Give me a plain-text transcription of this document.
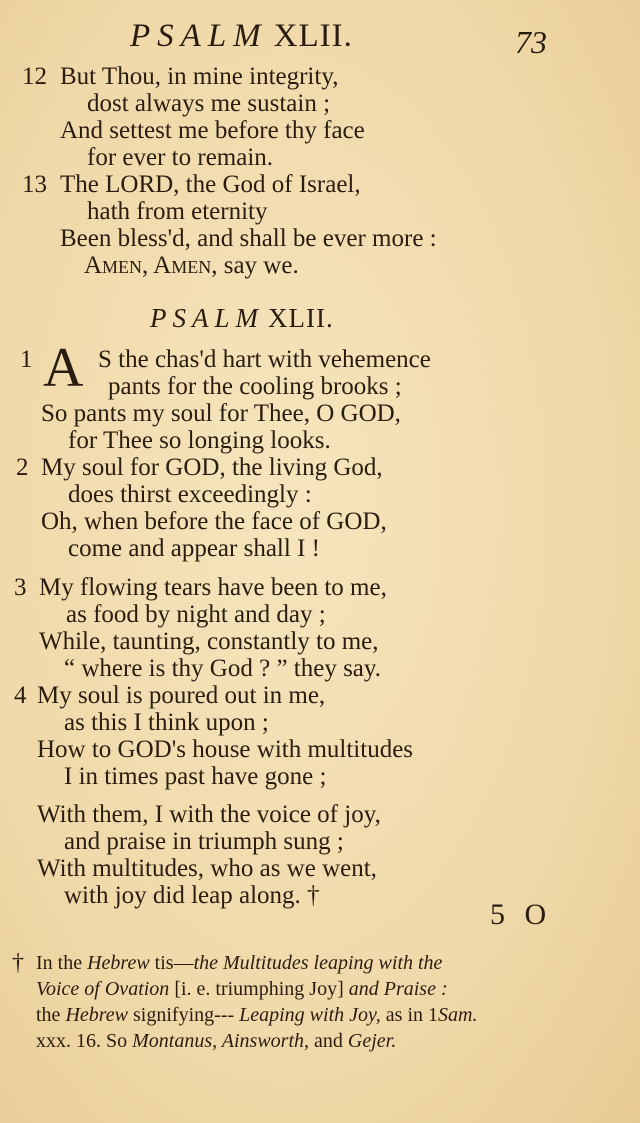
PSALM XLII.	73
12 But Thou, in mine integrity,
dost always me sustain ;
And settest me before thy face
for ever to remain.
13 The LORD, the God of Israel,
hath from eternity
Been bless'd, and shall be ever more :
Amen, Amen, say we.
PSALM XLII.
1 A S the chas'd hart with vehemence
pants for the cooling brooks ;
So pants my soul for Thee, O GOD,
for Thee so longing looks.
2 My soul for GOD, the living God,
does thirst exceedingly :
Oh, when before the face of GOD,
come and appear shall I !
3 My flowing tears have been to me,
as food by night and day ;
While, taunting, constantly to me,
“ where is thy God ? ” they say.
4 My soul is poured out in me,
as this I think upon ;
How to GOD's house with multitudes
I in times past have gone ;
With them, I with the voice of joy,
and praise in triumph sung ;
With multitudes, who as we went,
with joy did leap along. †
5 O
† In the Hebrew tis—the Multitudes leaping with the
Voice of Ovation [i. e. triumphing Joy] and Praise :
the Hebrew signifying--- Leaping with Joy, as in 1Sam.
xxx. 16. So Montanus, Ainsworth, and Gejer.
